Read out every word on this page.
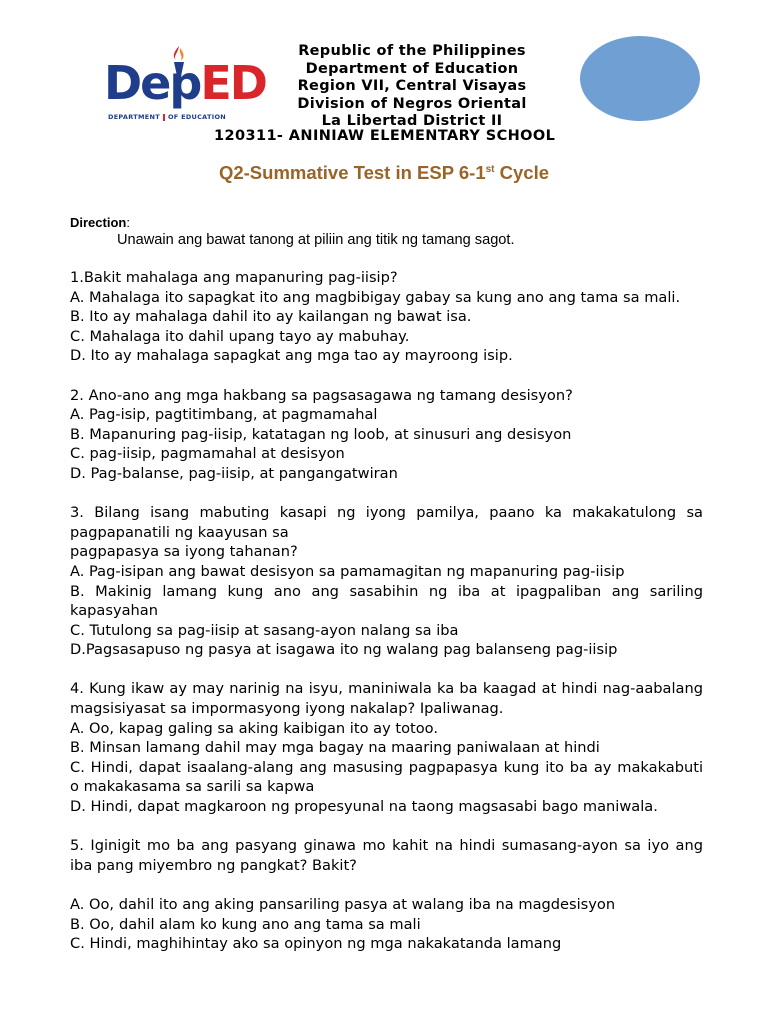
DepED
DEPARTMENT OF EDUCATION
Republic of the Philippines
Department of Education
Region VII, Central Visayas
Division of Negros Oriental
La Libertad District II
120311- ANINIAW ELEMENTARY SCHOOL
Q2-Summative Test in ESP 6-1st Cycle
Direction:
Unawain ang bawat tanong at piliin ang titik ng tamang sagot.

1.Bakit mahalaga ang mapanuring pag-iisip?

A. Mahalaga ito sapagkat ito ang magbibigay gabay sa kung ano ang tama sa mali.

B. Ito ay mahalaga dahil ito ay kailangan ng bawat isa.

C. Mahalaga ito dahil upang tayo ay mabuhay.

D. Ito ay mahalaga sapagkat ang mga tao ay mayroong isip.

2. Ano-ano ang mga hakbang sa pagsasagawa ng tamang desisyon?

A. Pag-isip, pagtitimbang, at pagmamahal

B. Mapanuring pag-iisip, katatagan ng loob, at sinusuri ang desisyon

C. pag-iisip, pagmamahal at desisyon

D. Pag-balanse, pag-iisip, at pangangatwiran

3. Bilang isang mabuting kasapi ng iyong pamilya, paano ka makakatulong sa pagpapanatili ng kaayusan sa

pagpapasya sa iyong tahanan?

A. Pag-isipan ang bawat desisyon sa pamamagitan ng mapanuring pag-iisip

B. Makinig lamang kung ano ang sasabihin ng iba at ipagpaliban ang sariling kapasyahan

C. Tutulong sa pag-iisip at sasang-ayon nalang sa iba

D.Pagsasapuso ng pasya at isagawa ito ng walang pag balanseng pag-iisip

4. Kung ikaw ay may narinig na isyu, maniniwala ka ba kaagad at hindi nag-aabalang magsisiyasat sa impormasyong iyong nakalap? Ipaliwanag.

A. Oo, kapag galing sa aking kaibigan ito ay totoo.

B. Minsan lamang dahil may mga bagay na maaring paniwalaan at hindi

C. Hindi, dapat isaalang-alang ang masusing pagpapasya kung ito ba ay makakabuti o makakasama sa sarili sa kapwa

D. Hindi, dapat magkaroon ng propesyunal na taong magsasabi bago maniwala.

5. Iginigit mo ba ang pasyang ginawa mo kahit na hindi sumasang-ayon sa iyo ang iba pang miyembro ng pangkat? Bakit?

A. Oo, dahil ito ang aking pansariling pasya at walang iba na magdesisyon

B. Oo, dahil alam ko kung ano ang tama sa mali

C. Hindi, maghihintay ako sa opinyon ng mga nakakatanda lamang
